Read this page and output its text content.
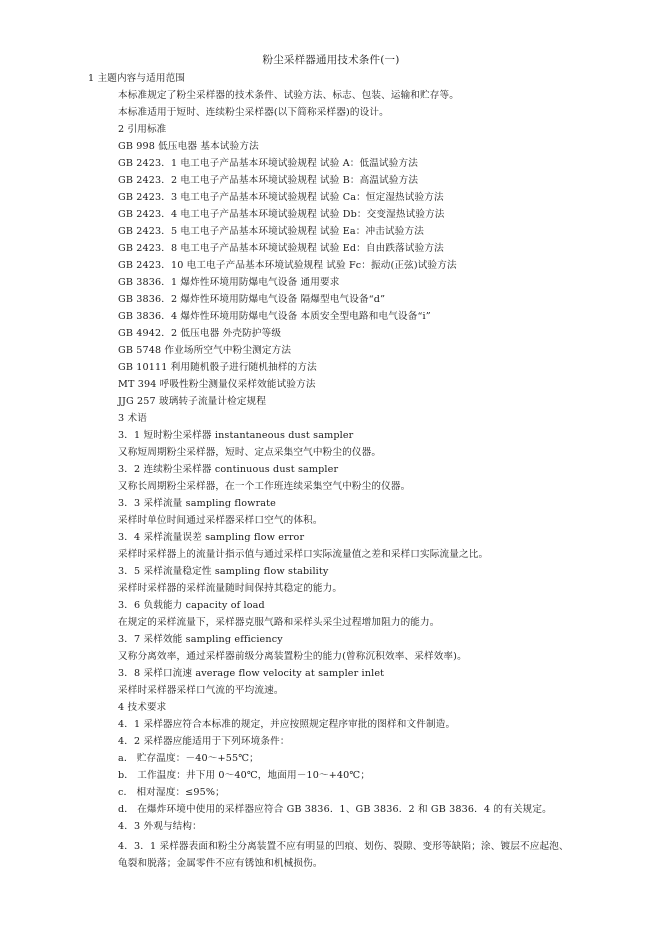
粉尘采样器通用技术条件(一)
1 主题内容与适用范围
本标准规定了粉尘采样器的技术条件、试验方法、标志、包装、运输和贮存等。
本标准适用于短时、连续粉尘采样器(以下简称采样器)的设计。
2 引用标准
GB 998 低压电器 基本试验方法
GB 2423．1 电工电子产品基本环境试验规程 试验 A：低温试验方法
GB 2423．2 电工电子产品基本环境试验规程 试验 B：高温试验方法
GB 2423．3 电工电子产品基本环境试验规程 试验 Ca：恒定湿热试验方法
GB 2423．4 电工电子产品基本环境试验规程 试验 Db：交变湿热试验方法
GB 2423．5 电工电子产品基本环境试验规程 试验 Ea：冲击试验方法
GB 2423．8 电工电子产品基本环境试验规程 试验 Ed：自由跌落试验方法
GB 2423．10 电工电子产品基本环境试验规程 试验 Fc：振动(正弦)试验方法
GB 3836．1 爆炸性环境用防爆电气设备 通用要求
GB 3836．2 爆炸性环境用防爆电气设备 隔爆型电气设备“d”
GB 3836．4 爆炸性环境用防爆电气设备 本质安全型电路和电气设备“i”
GB 4942．2 低压电器 外壳防护等级
GB 5748 作业场所空气中粉尘测定方法
GB 10111 利用随机骰子进行随机抽样的方法
MT 394 呼吸性粉尘测量仪采样效能试验方法
JJG 257 玻璃转子流量计检定规程
3 术语
3．1 短时粉尘采样器 instantaneous dust sampler
又称短周期粉尘采样器，短时、定点采集空气中粉尘的仪器。
3．2 连续粉尘采样器 continuous dust sampler
又称长周期粉尘采样器，在一个工作班连续采集空气中粉尘的仪器。
3．3 采样流量 sampling flowrate
采样时单位时间通过采样器采样口空气的体积。
3．4 采样流量误差 sampling flow error
采样时采样器上的流量计指示值与通过采样口实际流量值之差和采样口实际流量之比。
3．5 采样流量稳定性 sampling flow stability
采样时采样器的采样流量随时间保持其稳定的能力。
3．6 负载能力 capacity of load
在规定的采样流量下，采样器克服气路和采样头采尘过程增加阻力的能力。
3．7 采样效能 sampling efficiency
又称分离效率，通过采样器前级分离装置粉尘的能力(曾称沉积效率、采样效率)。
3．8 采样口流速 average flow velocity at sampler inlet
采样时采样器采样口气流的平均流速。
4 技术要求
4．1 采样器应符合本标准的规定，并应按照规定程序审批的图样和文件制造。
4．2 采样器应能适用于下列环境条件：
a． 贮存温度：－40～+55℃；
b． 工作温度：井下用 0～40℃，地面用－10～+40℃；
c． 相对湿度：≤95%；
d． 在爆炸环境中使用的采样器应符合 GB 3836．1、GB 3836．2 和 GB 3836．4 的有关规定。
4．3 外观与结构：
4．3．1 采样器表面和粉尘分离装置不应有明显的凹痕、划伤、裂隙、变形等缺陷；涂、镀层不应起泡、龟裂和脱落；金属零件不应有锈蚀和机械损伤。
